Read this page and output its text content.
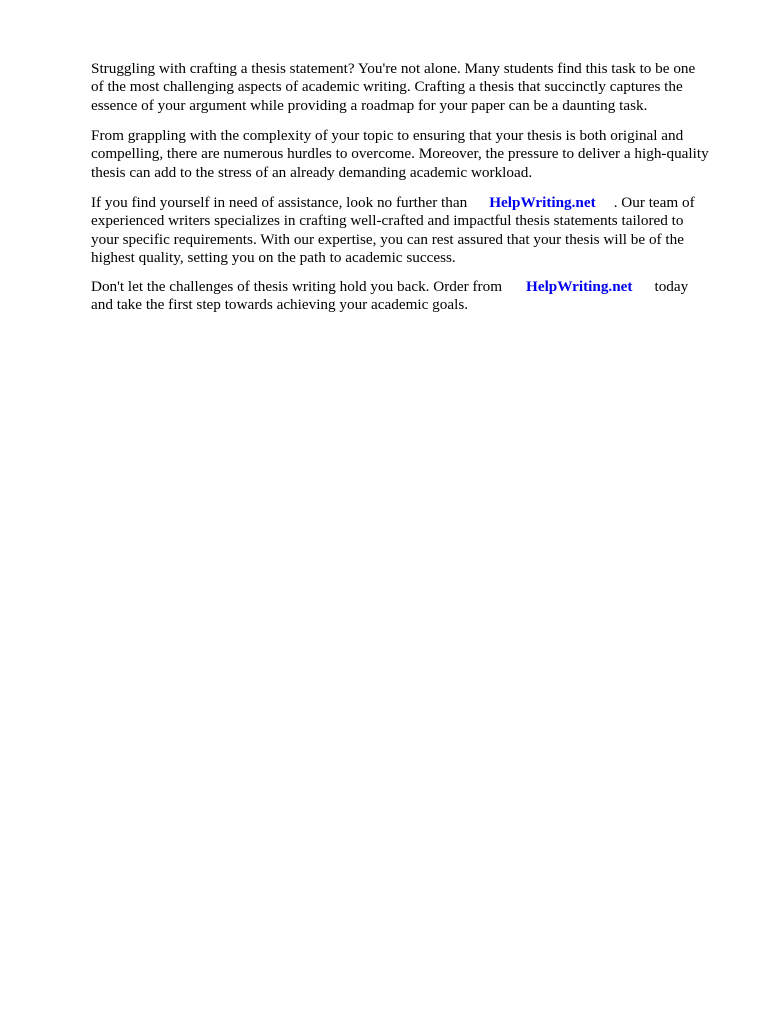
Struggling with crafting a thesis statement? You're not alone. Many students find this task to be one
of the most challenging aspects of academic writing. Crafting a thesis that succinctly captures the
essence of your argument while providing a roadmap for your paper can be a daunting task.
From grappling with the complexity of your topic to ensuring that your thesis is both original and
compelling, there are numerous hurdles to overcome. Moreover, the pressure to deliver a high-quality
thesis can add to the stress of an already demanding academic workload.
If you find yourself in need of assistance, look no further than HelpWriting.net . Our team of
experienced writers specializes in crafting well-crafted and impactful thesis statements tailored to
your specific requirements. With our expertise, you can rest assured that your thesis will be of the
highest quality, setting you on the path to academic success.
Don't let the challenges of thesis writing hold you back. Order from HelpWriting.net today
and take the first step towards achieving your academic goals.
